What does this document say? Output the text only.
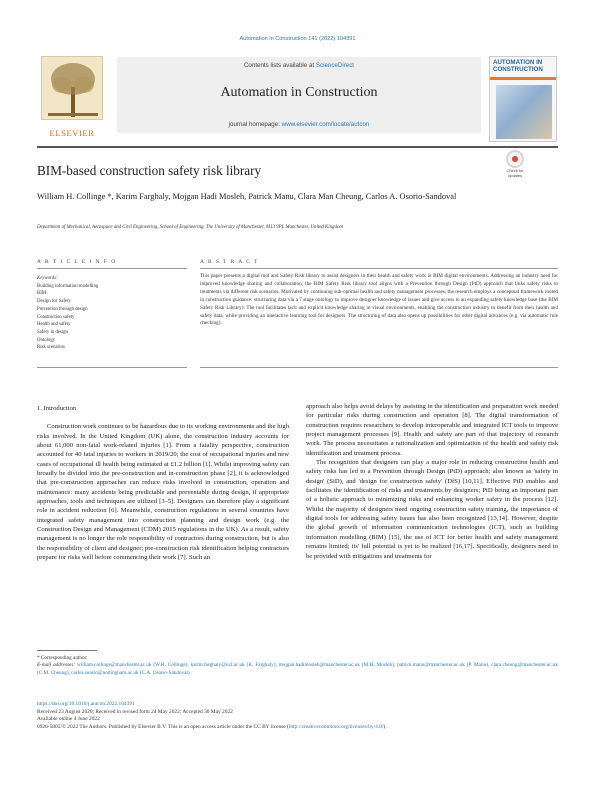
Automation in Construction 141 (2022) 104391
ELSEVIER
Contents lists available at ScienceDirect
Automation in Construction
journal homepage: www.elsevier.com/locate/autcon
AUTOMATION IN CONSTRUCTION
BIM-based construction safety risk library	Check for updates
William H. Collinge *, Karim Farghaly, Mojgan Hadi Mosleh, Patrick Manu, Clara Man Cheung, Carlos A. Osorio-Sandoval
Department of Mechanical, Aerospace and Civil Engineering, School of Engineering, The University of Manchester, M13 9PL Manchester, United Kingdom
A R T I C L E I N F O	A B S T R A C T
Keywords:
Building information modelling
BIM
Design for Safety
Prevention through design
Construction safety
Health and safety
Safety in design
Ontology
Risk scenarios
This paper presents a digital tool and Safety Risk library to assist designers in their health and safety work in BIM digital environments. Addressing an industry need for improved knowledge sharing and collaboration, the BIM Safety Risk library tool aligns with a Prevention through Design (PtD) approach that links safety risks to treatments via different risk scenarios. Motivated by continuing sub-optimal health and safety management processes, the research employs a conceptual framework rooted in construction guidance: structuring data via a 7 stage ontology to improve designer knowledge of issues and give access to an expanding safety knowledge base (the BIM Safety Risk Library). The tool facilitates tacit and explicit knowledge sharing in visual environments, enabling the construction industry to benefit from their health and safety data, while providing an interactive learning tool for designers. The structuring of data also opens up possibilities for other digital advances (e.g. via automatic rule checking).
1. Introduction

Construction work continues to be hazardous due to its working environments and the high risks involved. In the United Kingdom (UK) alone, the construction industry accounts for about 61,000 non-fatal work-related injuries [1]. From a fatality perspective, construction accounted for 40 fatal injuries to workers in 2019/20; the cost of occupational injuries and new cases of occupational ill health being estimated at £1.2 billion [1]. Whilst improving safety can broadly be divided into the pre-construction and in-construction phase [2], it is acknowledged that pre-construction approaches can reduce risks involved in construction, operation and maintenance: many accidents being predictable and preventable during design, if appropriate approaches, tools and techniques are utilized [3–5]. Designers can therefore play a significant role in accident reduction [6]. Meanwhile, construction regulations in several countries have integrated safety management into construction planning and design work (e.g. the Construction Design and Management (CDM) 2015 regulations in the UK). As a result, safety management is no longer the role responsibility of contractors during construction, but is also the responsibility of client and designer; pre-construction risk identification helping contractors prepare for risks well before commencing their work [7]. Such an

approach also helps avoid delays by assisting in the identification and preparation work needed for particular risks during construction and operation [8]. The digital transformation of construction requires researchers to develop interoperable and integrated ICT tools to improve project management processes [9]. Health and safety are part of that trajectory of research work. The process necessitates a rationalization and optimization of the health and safety risk identification and treatment process.

The recognition that designers can play a major role in reducing construction health and safety risks has led to a Prevention through Design (PtD) approach; also known as 'safety in design' (SiD), and 'design for construction safety' (DfS) [10,11]. Effective PtD enables and facilitates the identification of risks and treatments by designers; PtD being an important part of a holistic approach to minimizing risks and enhancing worker safety in the process [12]. Whilst the majority of designers need ongoing construction safety training, the importance of digital tools for addressing safety issues has also been recognized [13,14]. However, despite the global growth of information communication technologies (ICT), such as building information modelling (BIM) [15], the use of ICT for better health and safety management remains limited; its' full potential is yet to be realized [16,17]. Specifically, designers need to be provided with mitigations and treatments for

* Corresponding author.
E-mail addresses: william.collinge@manchester.ac.uk (W.H. Collinge), karim.farghaly@ucl.ac.uk (K. Farghaly), mojgan.hadimosleh@manchester.ac.uk (M.H. Mosleh), patrick.manu@manchester.ac.uk (P. Manu), clara.cheung@manchester.ac.uk (C.M. Cheung), carlos.osorio@nottingham.ac.uk (C.A. Osorio-Sandoval).
https://doi.org/10.1016/j.autcon.2022.104391
Received 23 August 2020; Received in revised form 24 May 2022; Accepted 30 May 2022
Available online 4 June 2022
0926-5805/© 2022 The Authors. Published by Elsevier B.V. This is an open access article under the CC BY license (http://creativecommons.org/licenses/by/4.0/).
